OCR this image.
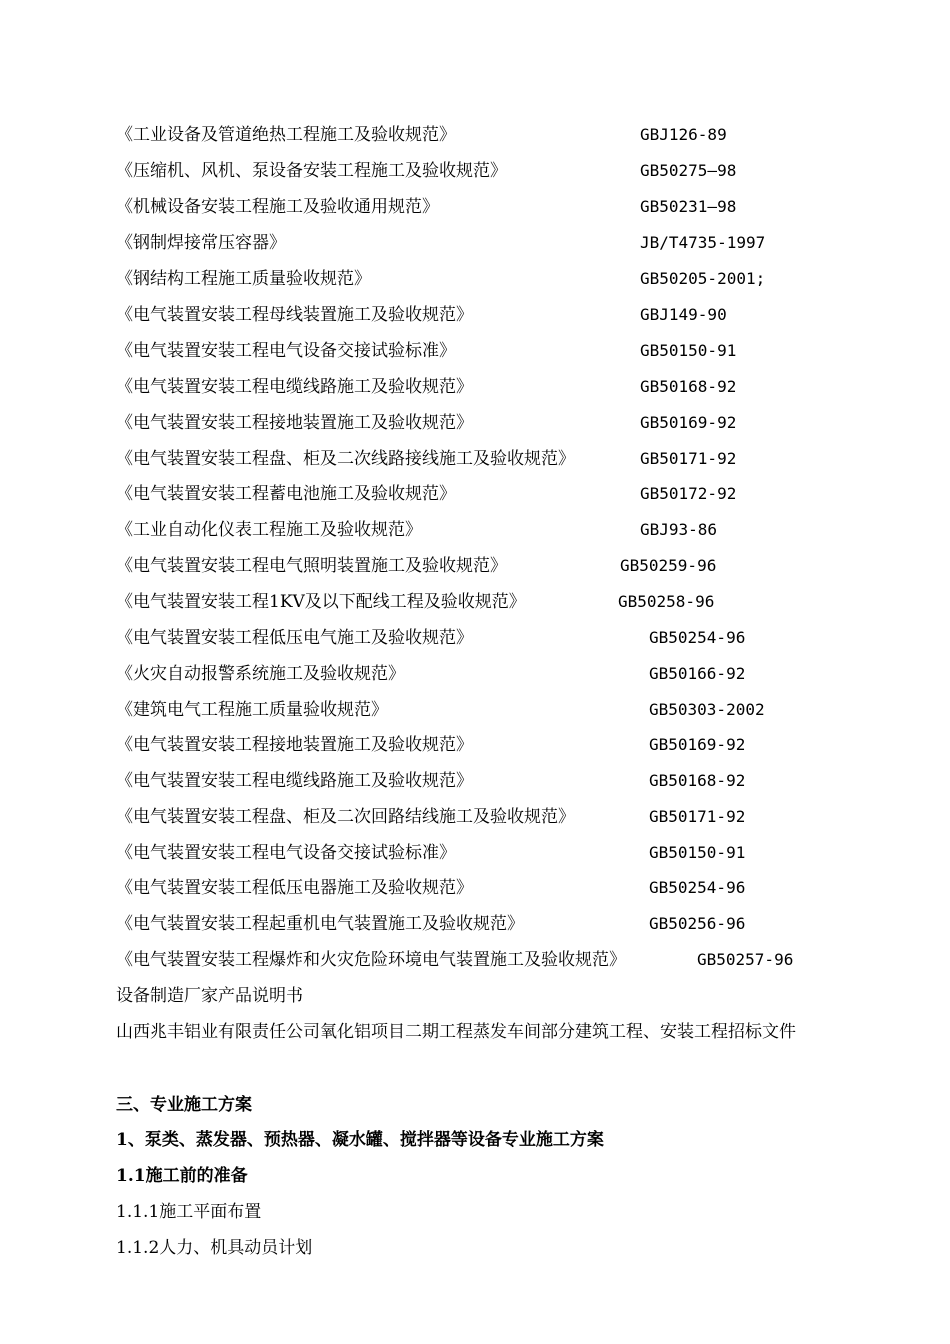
《工业设备及管道绝热工程施工及验收规范》	GBJ126-89
《压缩机、风机、泵设备安装工程施工及验收规范》	GB50275—98
《机械设备安装工程施工及验收通用规范》	GB50231—98
《钢制焊接常压容器》	JB/T4735-1997
《钢结构工程施工质量验收规范》	GB50205-2001;
《电气装置安装工程母线装置施工及验收规范》	GBJ149-90
《电气装置安装工程电气设备交接试验标准》	GB50150-91
《电气装置安装工程电缆线路施工及验收规范》	GB50168-92
《电气装置安装工程接地装置施工及验收规范》	GB50169-92
《电气装置安装工程盘、柜及二次线路接线施工及验收规范》	GB50171-92
《电气装置安装工程蓄电池施工及验收规范》	GB50172-92
《工业自动化仪表工程施工及验收规范》	GBJ93-86
《电气装置安装工程电气照明装置施工及验收规范》	GB50259-96
《电气装置安装工程1KV及以下配线工程及验收规范》	GB50258-96
《电气装置安装工程低压电气施工及验收规范》	GB50254-96
《火灾自动报警系统施工及验收规范》	GB50166-92
《建筑电气工程施工质量验收规范》	GB50303-2002
《电气装置安装工程接地装置施工及验收规范》	GB50169-92
《电气装置安装工程电缆线路施工及验收规范》	GB50168-92
《电气装置安装工程盘、柜及二次回路结线施工及验收规范》	GB50171-92
《电气装置安装工程电气设备交接试验标准》	GB50150-91
《电气装置安装工程低压电器施工及验收规范》	GB50254-96
《电气装置安装工程起重机电气装置施工及验收规范》	GB50256-96
《电气装置安装工程爆炸和火灾危险环境电气装置施工及验收规范》	GB50257-96
设备制造厂家产品说明书
山西兆丰铝业有限责任公司氧化铝项目二期工程蒸发车间部分建筑工程、安装工程招标文件
三、专业施工方案
1、泵类、蒸发器、预热器、凝水罐、搅拌器等设备专业施工方案
1.1施工前的准备
1.1.1施工平面布置
1.1.2人力、机具动员计划
